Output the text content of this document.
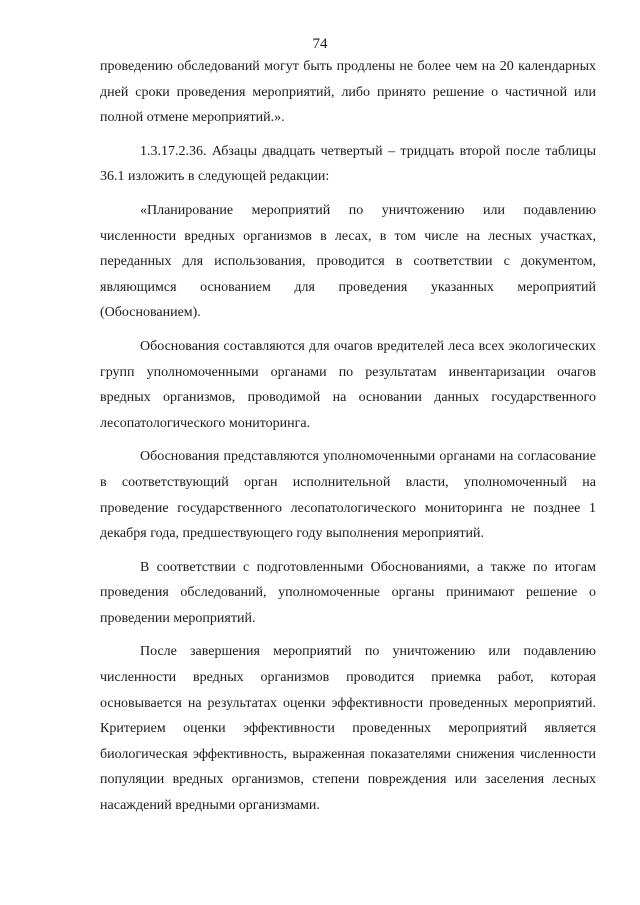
74

проведению обследований могут быть продлены не более чем на 20 календарных дней сроки проведения мероприятий, либо принято решение о частичной или полной отмене мероприятий.».

1.3.17.2.36. Абзацы двадцать четвертый – тридцать второй после таблицы 36.1 изложить в следующей редакции:

«Планирование мероприятий по уничтожению или подавлению численности вредных организмов в лесах, в том числе на лесных участках, переданных для использования, проводится в соответствии с документом, являющимся основанием для проведения указанных мероприятий (Обоснованием).

Обоснования составляются для очагов вредителей леса всех экологических групп уполномоченными органами по результатам инвентаризации очагов вредных организмов, проводимой на основании данных государственного лесопатологического мониторинга.

Обоснования представляются уполномоченными органами на согласование в соответствующий орган исполнительной власти, уполномоченный на проведение государственного лесопатологического мониторинга не позднее 1 декабря года, предшествующего году выполнения мероприятий.

В соответствии с подготовленными Обоснованиями, а также по итогам проведения обследований, уполномоченные органы принимают решение о проведении мероприятий.

После завершения мероприятий по уничтожению или подавлению численности вредных организмов проводится приемка работ, которая основывается на результатах оценки эффективности проведенных мероприятий. Критерием оценки эффективности проведенных мероприятий является биологическая эффективность, выраженная показателями снижения численности популяции вредных организмов, степени повреждения или заселения лесных насаждений вредными организмами.
